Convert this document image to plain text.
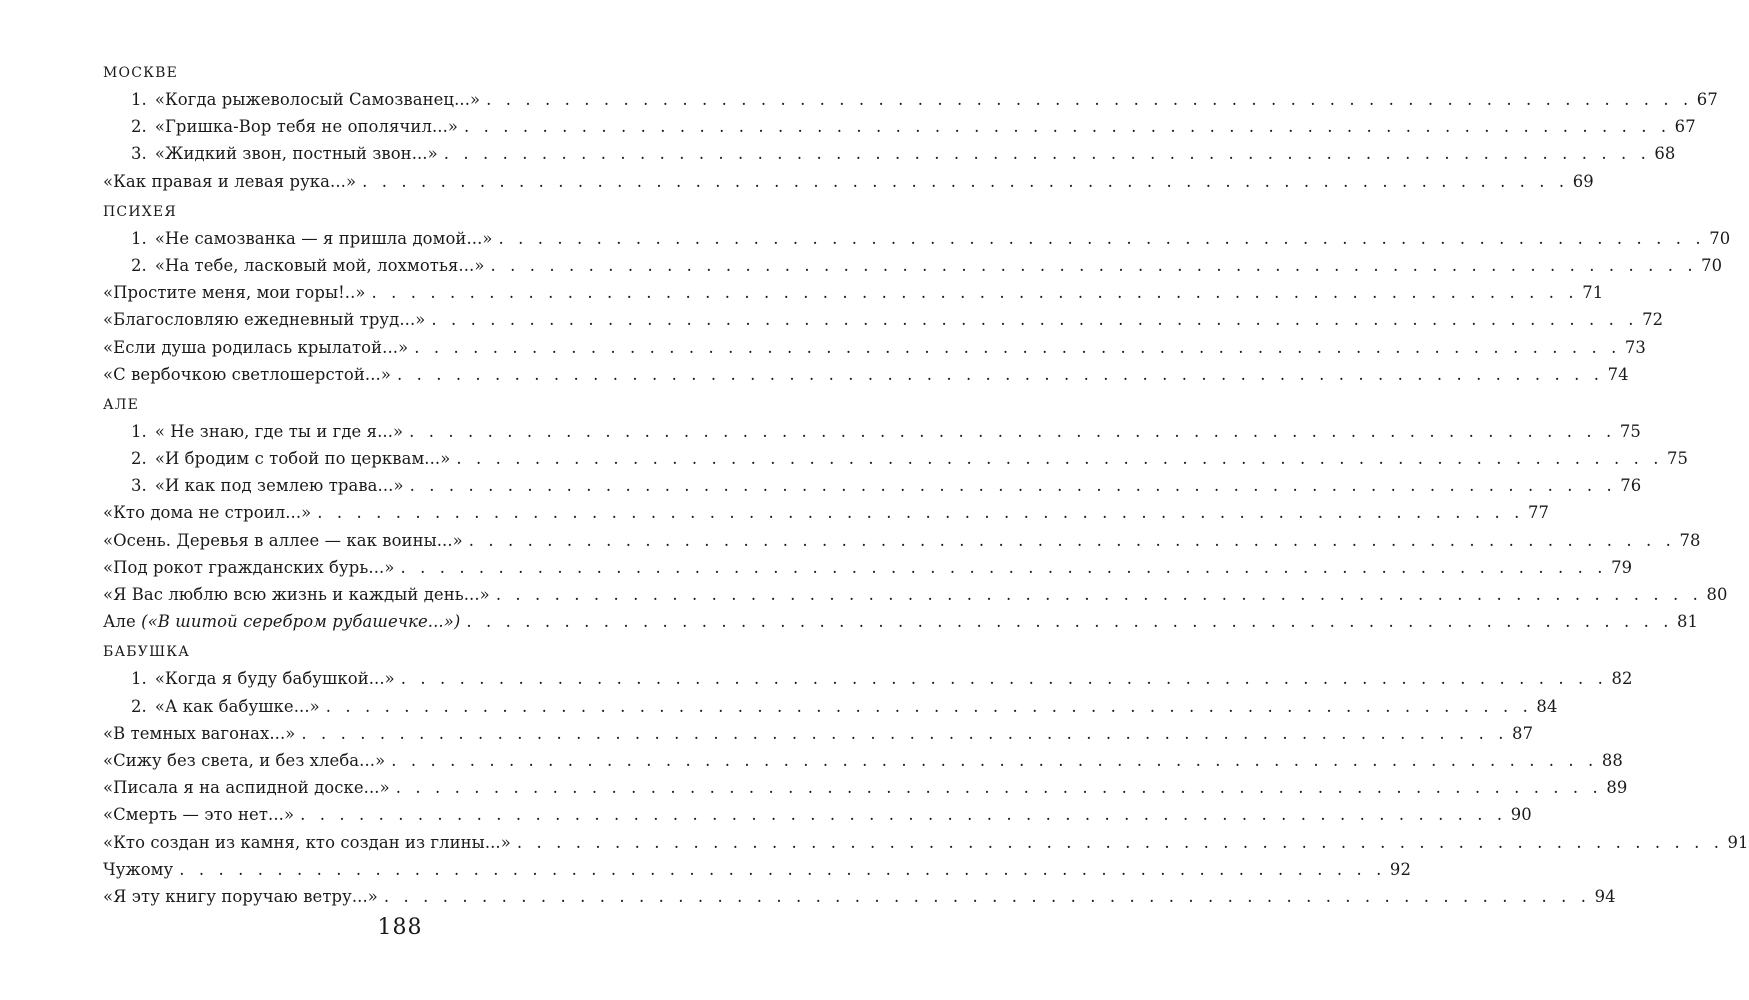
МОСКВЕ
1. «Когда рыжеволосый Самозванец...» . . . . . . . . . . . . . . . . . . . . . . . . . . . . . . . . . . . . . . . . . . . . . . . . . . . . . . . . . . . . . . 67
2. «Гришка-Вор тебя не ополячил...» . . . . . . . . . . . . . . . . . . . . . . . . . . . . . . . . . . . . . . . . . . . . . . . . . . . . . . . . . . . . . . 67
3. «Жидкий звон, постный звон...» . . . . . . . . . . . . . . . . . . . . . . . . . . . . . . . . . . . . . . . . . . . . . . . . . . . . . . . . . . . . . . 68
«Как правая и левая рука...» . . . . . . . . . . . . . . . . . . . . . . . . . . . . . . . . . . . . . . . . . . . . . . . . . . . . . . . . . . . . . . 69
ПСИХЕЯ
1. «Не самозванка — я пришла домой...» . . . . . . . . . . . . . . . . . . . . . . . . . . . . . . . . . . . . . . . . . . . . . . . . . . . . . . . . . . . . . . 70
2. «На тебе, ласковый мой, лохмотья...» . . . . . . . . . . . . . . . . . . . . . . . . . . . . . . . . . . . . . . . . . . . . . . . . . . . . . . . . . . . . . . 70
«Простите меня, мои горы!..» . . . . . . . . . . . . . . . . . . . . . . . . . . . . . . . . . . . . . . . . . . . . . . . . . . . . . . . . . . . . . . 71
«Благословляю ежедневный труд...» . . . . . . . . . . . . . . . . . . . . . . . . . . . . . . . . . . . . . . . . . . . . . . . . . . . . . . . . . . . . . . 72
«Если душа родилась крылатой...» . . . . . . . . . . . . . . . . . . . . . . . . . . . . . . . . . . . . . . . . . . . . . . . . . . . . . . . . . . . . . . 73
«С вербочкою светлошерстой...» . . . . . . . . . . . . . . . . . . . . . . . . . . . . . . . . . . . . . . . . . . . . . . . . . . . . . . . . . . . . . . 74
АЛЕ
1. « Не знаю, где ты и где я...» . . . . . . . . . . . . . . . . . . . . . . . . . . . . . . . . . . . . . . . . . . . . . . . . . . . . . . . . . . . . . . 75
2. «И бродим с тобой по церквам...» . . . . . . . . . . . . . . . . . . . . . . . . . . . . . . . . . . . . . . . . . . . . . . . . . . . . . . . . . . . . . . 75
3. «И как под землею трава...» . . . . . . . . . . . . . . . . . . . . . . . . . . . . . . . . . . . . . . . . . . . . . . . . . . . . . . . . . . . . . . 76
«Кто дома не строил...» . . . . . . . . . . . . . . . . . . . . . . . . . . . . . . . . . . . . . . . . . . . . . . . . . . . . . . . . . . . . . . 77
«Осень. Деревья в аллее — как воины...» . . . . . . . . . . . . . . . . . . . . . . . . . . . . . . . . . . . . . . . . . . . . . . . . . . . . . . . . . . . . . . 78
«Под рокот гражданских бурь...» . . . . . . . . . . . . . . . . . . . . . . . . . . . . . . . . . . . . . . . . . . . . . . . . . . . . . . . . . . . . . . 79
«Я Вас люблю всю жизнь и каждый день...» . . . . . . . . . . . . . . . . . . . . . . . . . . . . . . . . . . . . . . . . . . . . . . . . . . . . . . . . . . . . . . 80
Але («В шитой серебром рубашечке...») . . . . . . . . . . . . . . . . . . . . . . . . . . . . . . . . . . . . . . . . . . . . . . . . . . . . . . . . . . . . . . 81
БАБУШКА
1. «Когда я буду бабушкой...» . . . . . . . . . . . . . . . . . . . . . . . . . . . . . . . . . . . . . . . . . . . . . . . . . . . . . . . . . . . . . . 82
2. «А как бабушке...» . . . . . . . . . . . . . . . . . . . . . . . . . . . . . . . . . . . . . . . . . . . . . . . . . . . . . . . . . . . . . . 84
«В темных вагонах...» . . . . . . . . . . . . . . . . . . . . . . . . . . . . . . . . . . . . . . . . . . . . . . . . . . . . . . . . . . . . . . 87
«Сижу без света, и без хлеба...» . . . . . . . . . . . . . . . . . . . . . . . . . . . . . . . . . . . . . . . . . . . . . . . . . . . . . . . . . . . . . . 88
«Писала я на аспидной доске...» . . . . . . . . . . . . . . . . . . . . . . . . . . . . . . . . . . . . . . . . . . . . . . . . . . . . . . . . . . . . . . 89
«Смерть — это нет...» . . . . . . . . . . . . . . . . . . . . . . . . . . . . . . . . . . . . . . . . . . . . . . . . . . . . . . . . . . . . . . 90
«Кто создан из камня, кто создан из глины...» . . . . . . . . . . . . . . . . . . . . . . . . . . . . . . . . . . . . . . . . . . . . . . . . . . . . . . . . . . . . . . 91
Чужому . . . . . . . . . . . . . . . . . . . . . . . . . . . . . . . . . . . . . . . . . . . . . . . . . . . . . . . . . . . . . . 92
«Я эту книгу поручаю ветру...» . . . . . . . . . . . . . . . . . . . . . . . . . . . . . . . . . . . . . . . . . . . . . . . . . . . . . . . . . . . . . . 94
188
